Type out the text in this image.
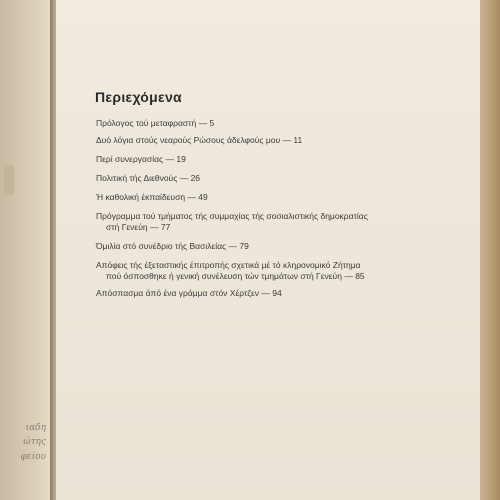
ιαδη
ώτης
φείου
Περιεχόμενα
Πρόλογος τού μεταφραστή — 5
Δυό λόγια στούς νεαρούς Ρώσους άδελφούς μου — 11
Περί συνεργασίας — 19
Πολιτική τής Διεθνούς — 26
Ή καθολική έκπαίδευση — 49
Πρόγραμμα τού τμήματος τής συμμαχίας τής σοσιαλιστικής δημοκρατίας
στή Γενεύη — 77
Όμιλία στό συνέδριο τής Βασιλείας — 79
Απόφεις τής έξεταστικής έπιτροπής σχετικά μέ τό κληρονομικό Ζήτημα
πού όσποσθηκε ή γενική συνέλευση τών τμημάτων στή Γενεύη — 85
Απόσπασμα άπό ένα γράμμα στόν Χέρτζεν — 94
